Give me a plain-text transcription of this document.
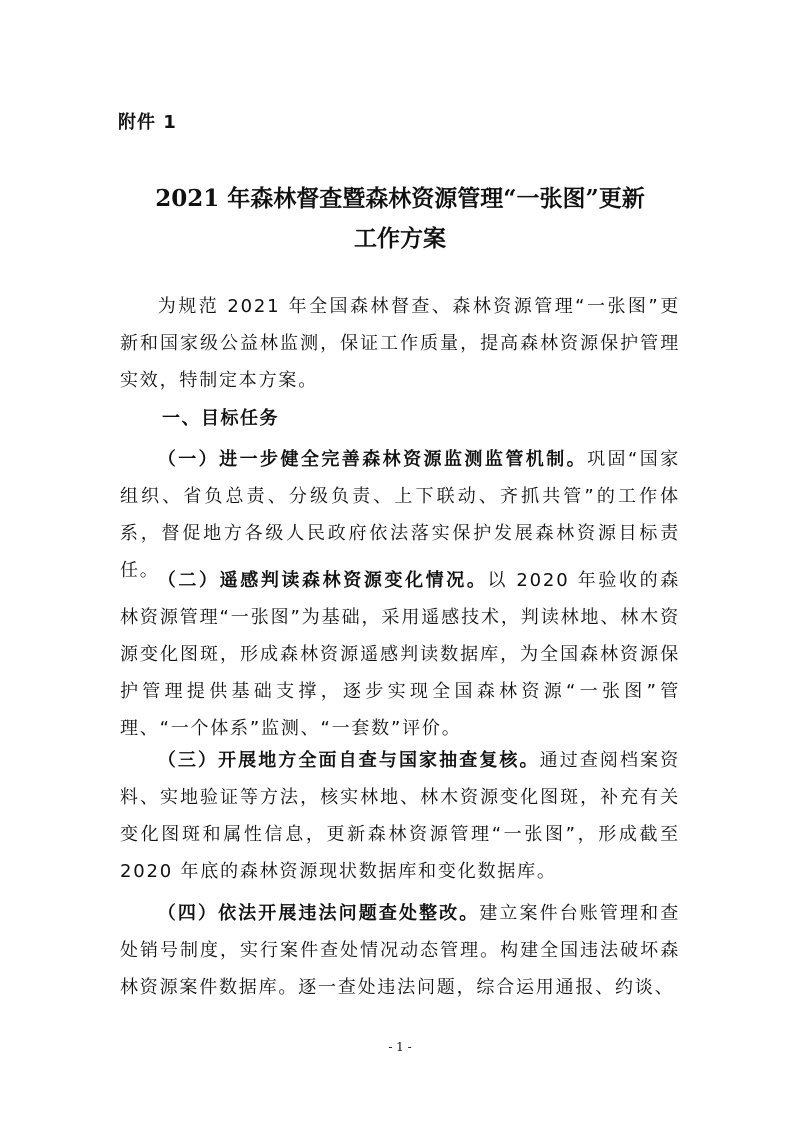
附件 1

2021 年森林督查暨森林资源管理“一张图”更新
工作方案

为规范 2021 年全国森林督查、森林资源管理“一张图”更新和国家级公益林监测，保证工作质量，提高森林资源保护管理实效，特制定本方案。

一、目标任务

（一）进一步健全完善森林资源监测监管机制。巩固“国家组织、省负总责、分级负责、上下联动、齐抓共管”的工作体系，督促地方各级人民政府依法落实保护发展森林资源目标责任。

（二）遥感判读森林资源变化情况。以 2020 年验收的森林资源管理“一张图”为基础，采用遥感技术，判读林地、林木资源变化图斑，形成森林资源遥感判读数据库，为全国森林资源保护管理提供基础支撑，逐步实现全国森林资源“一张图”管理、“一个体系”监测、“一套数”评价。

（三）开展地方全面自查与国家抽查复核。通过查阅档案资料、实地验证等方法，核实林地、林木资源变化图斑，补充有关变化图斑和属性信息，更新森林资源管理“一张图”，形成截至 2020 年底的森林资源现状数据库和变化数据库。

（四）依法开展违法问题查处整改。建立案件台账管理和查处销号制度，实行案件查处情况动态管理。构建全国违法破坏森林资源案件数据库。逐一查处违法问题，综合运用通报、约谈、

- 1 -
